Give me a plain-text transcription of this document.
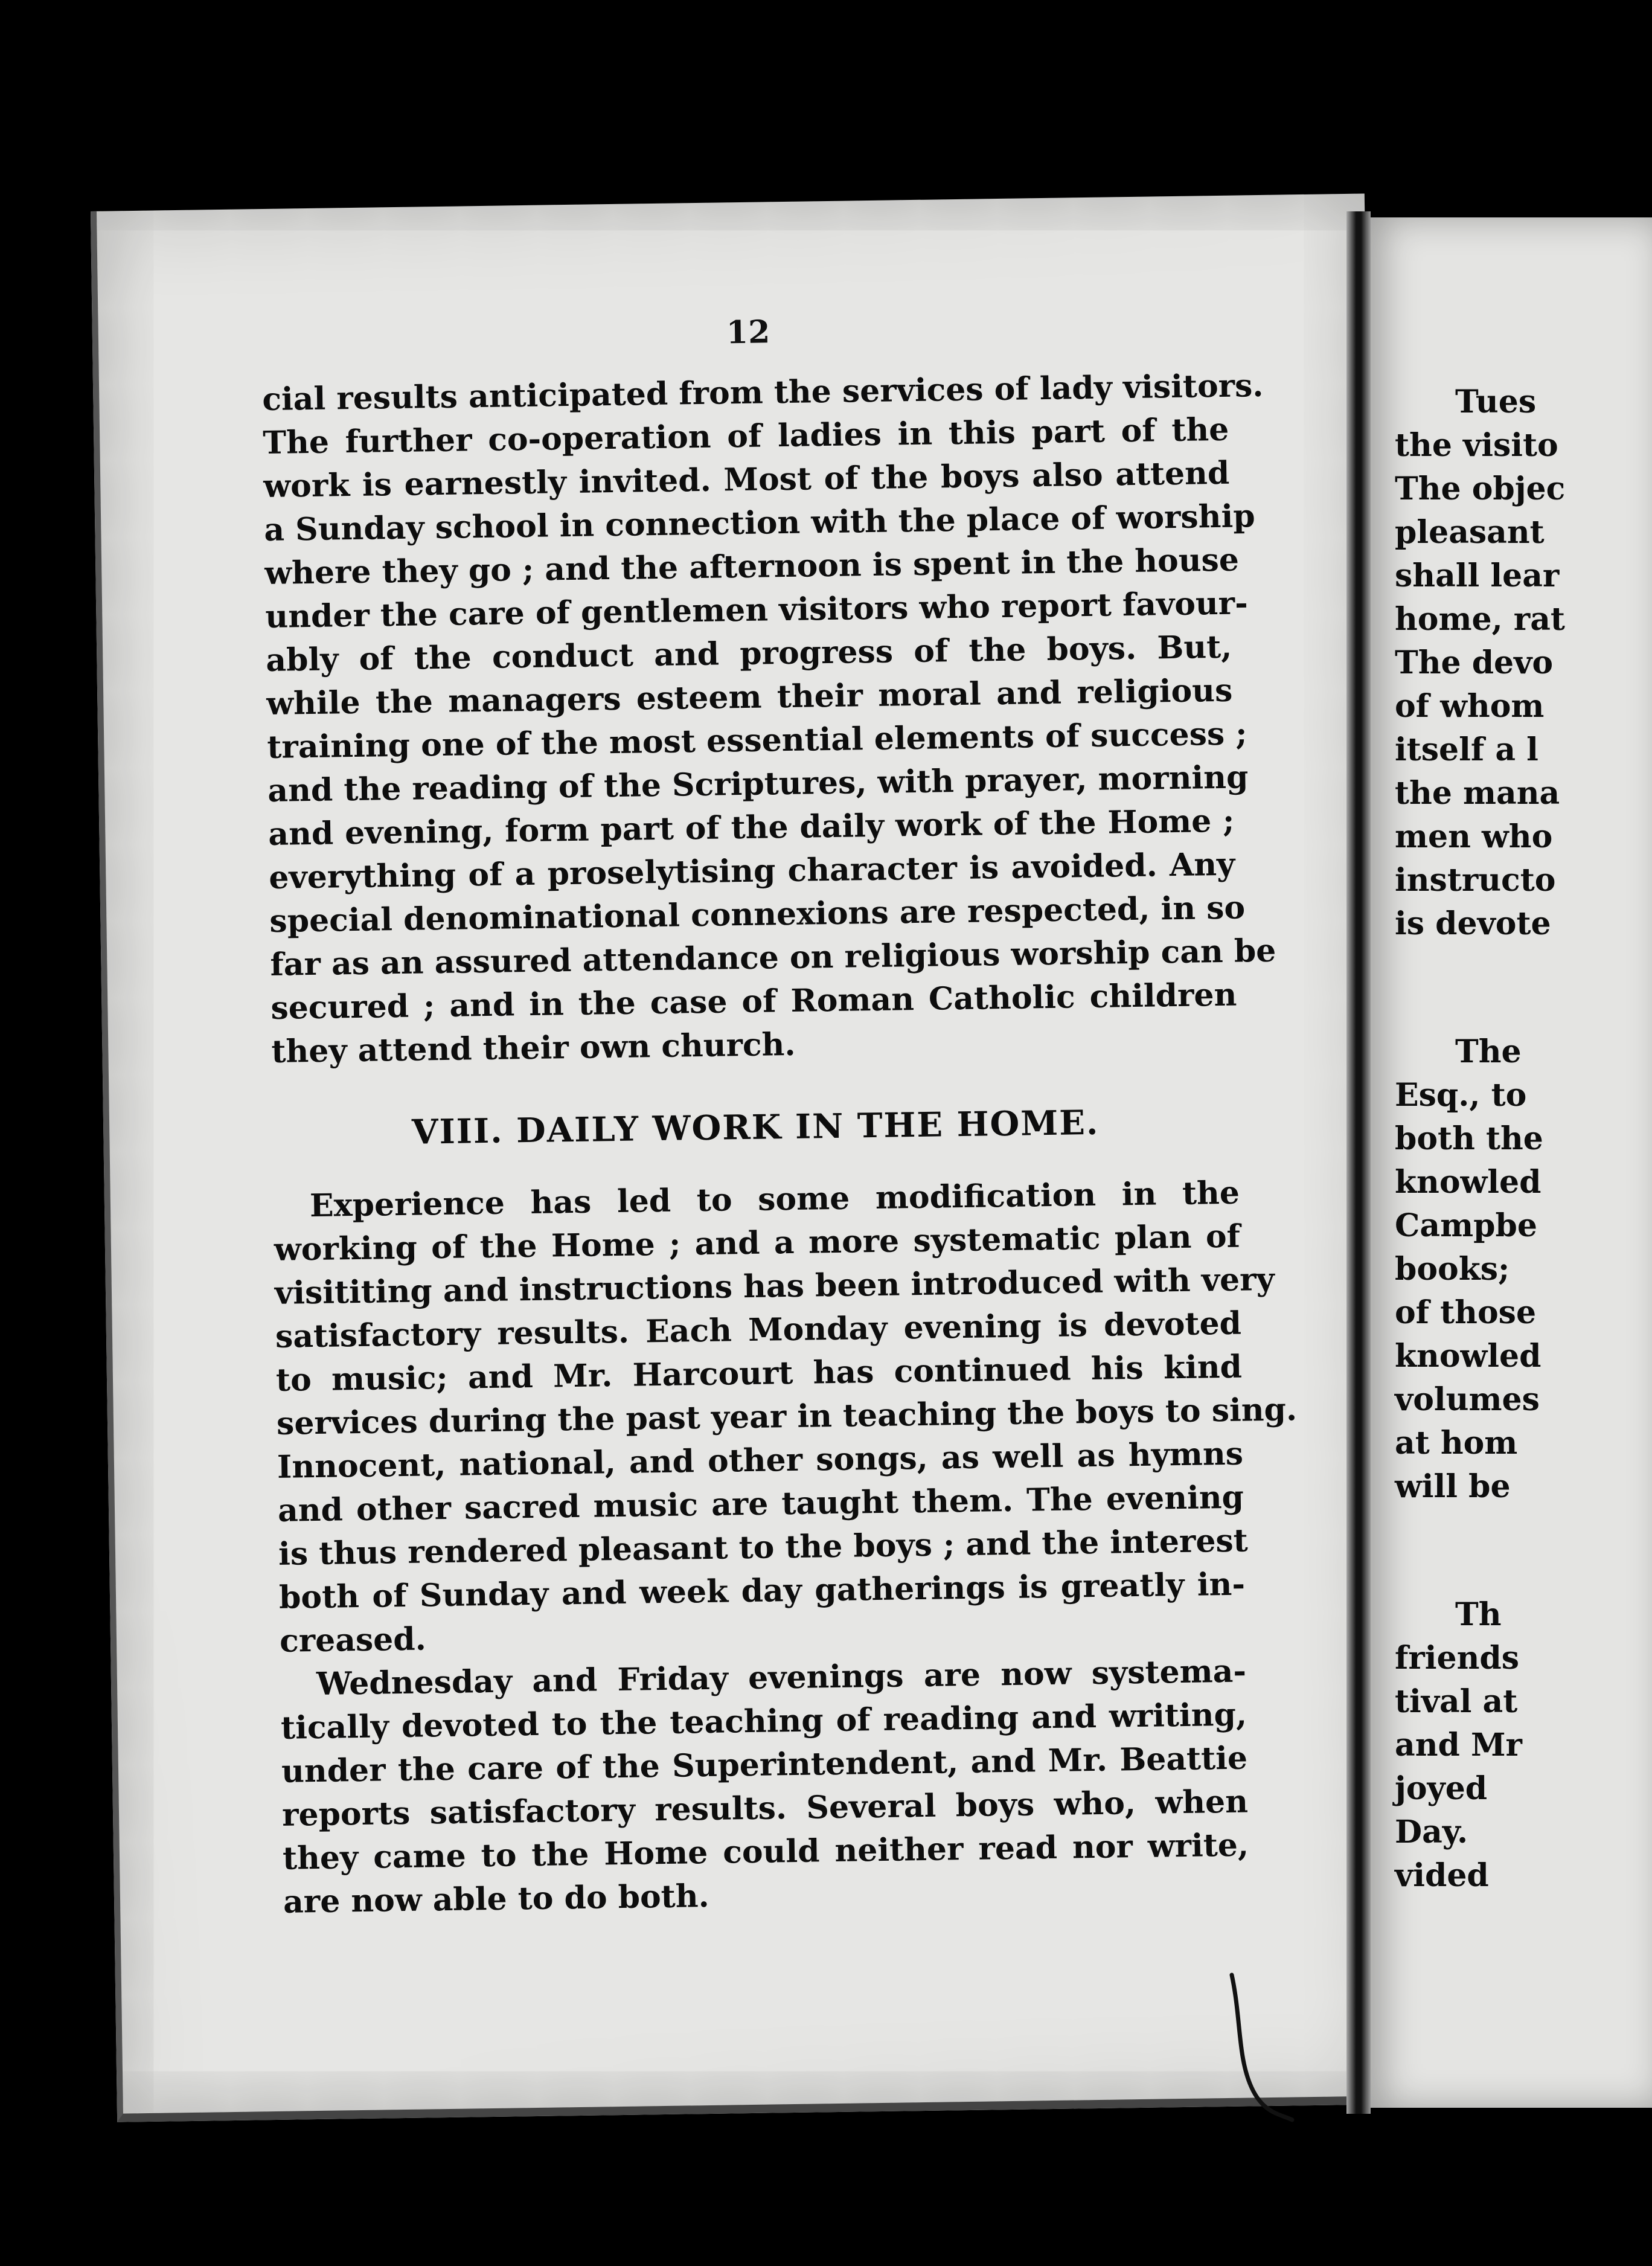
12
cial results anticipated from the services of lady visitors.
The further co-operation of ladies in this part of the
work is earnestly invited. Most of the boys also attend
a Sunday school in connection with the place of worship
where they go ; and the afternoon is spent in the house
under the care of gentlemen visitors who report favour-
ably of the conduct and progress of the boys. But,
while the managers esteem their moral and religious
training one of the most essential elements of success ;
and the reading of the Scriptures, with prayer, morning
and evening, form part of the daily work of the Home ;
everything of a proselytising character is avoided. Any
special denominational connexions are respected, in so
far as an assured attendance on religious worship can be
secured ; and in the case of Roman Catholic children
they attend their own church.
VIII. DAILY WORK IN THE HOME.
Experience has led to some modification in the
working of the Home ; and a more systematic plan of
visititing and instructions has been introduced with very
satisfactory results. Each Monday evening is devoted
to music; and Mr. Harcourt has continued his kind
services during the past year in teaching the boys to sing.
Innocent, national, and other songs, as well as hymns
and other sacred music are taught them. The evening
is thus rendered pleasant to the boys ; and the interest
both of Sunday and week day gatherings is greatly in-
creased.
Wednesday and Friday evenings are now systema-
tically devoted to the teaching of reading and writing,
under the care of the Superintendent, and Mr. Beattie
reports satisfactory results. Several boys who, when
they came to the Home could neither read nor write,
are now able to do both.
Tues
the visito
The objec
pleasant
shall lear
home, rat
The devo
of whom
itself a l
the mana
men who
instructo
is devote
The
Esq., to
both the
knowled
Campbe
books;
of those
knowled
volumes
at hom
will be
Th
friends
tival at
and Mr
joyed
Day.
vided
